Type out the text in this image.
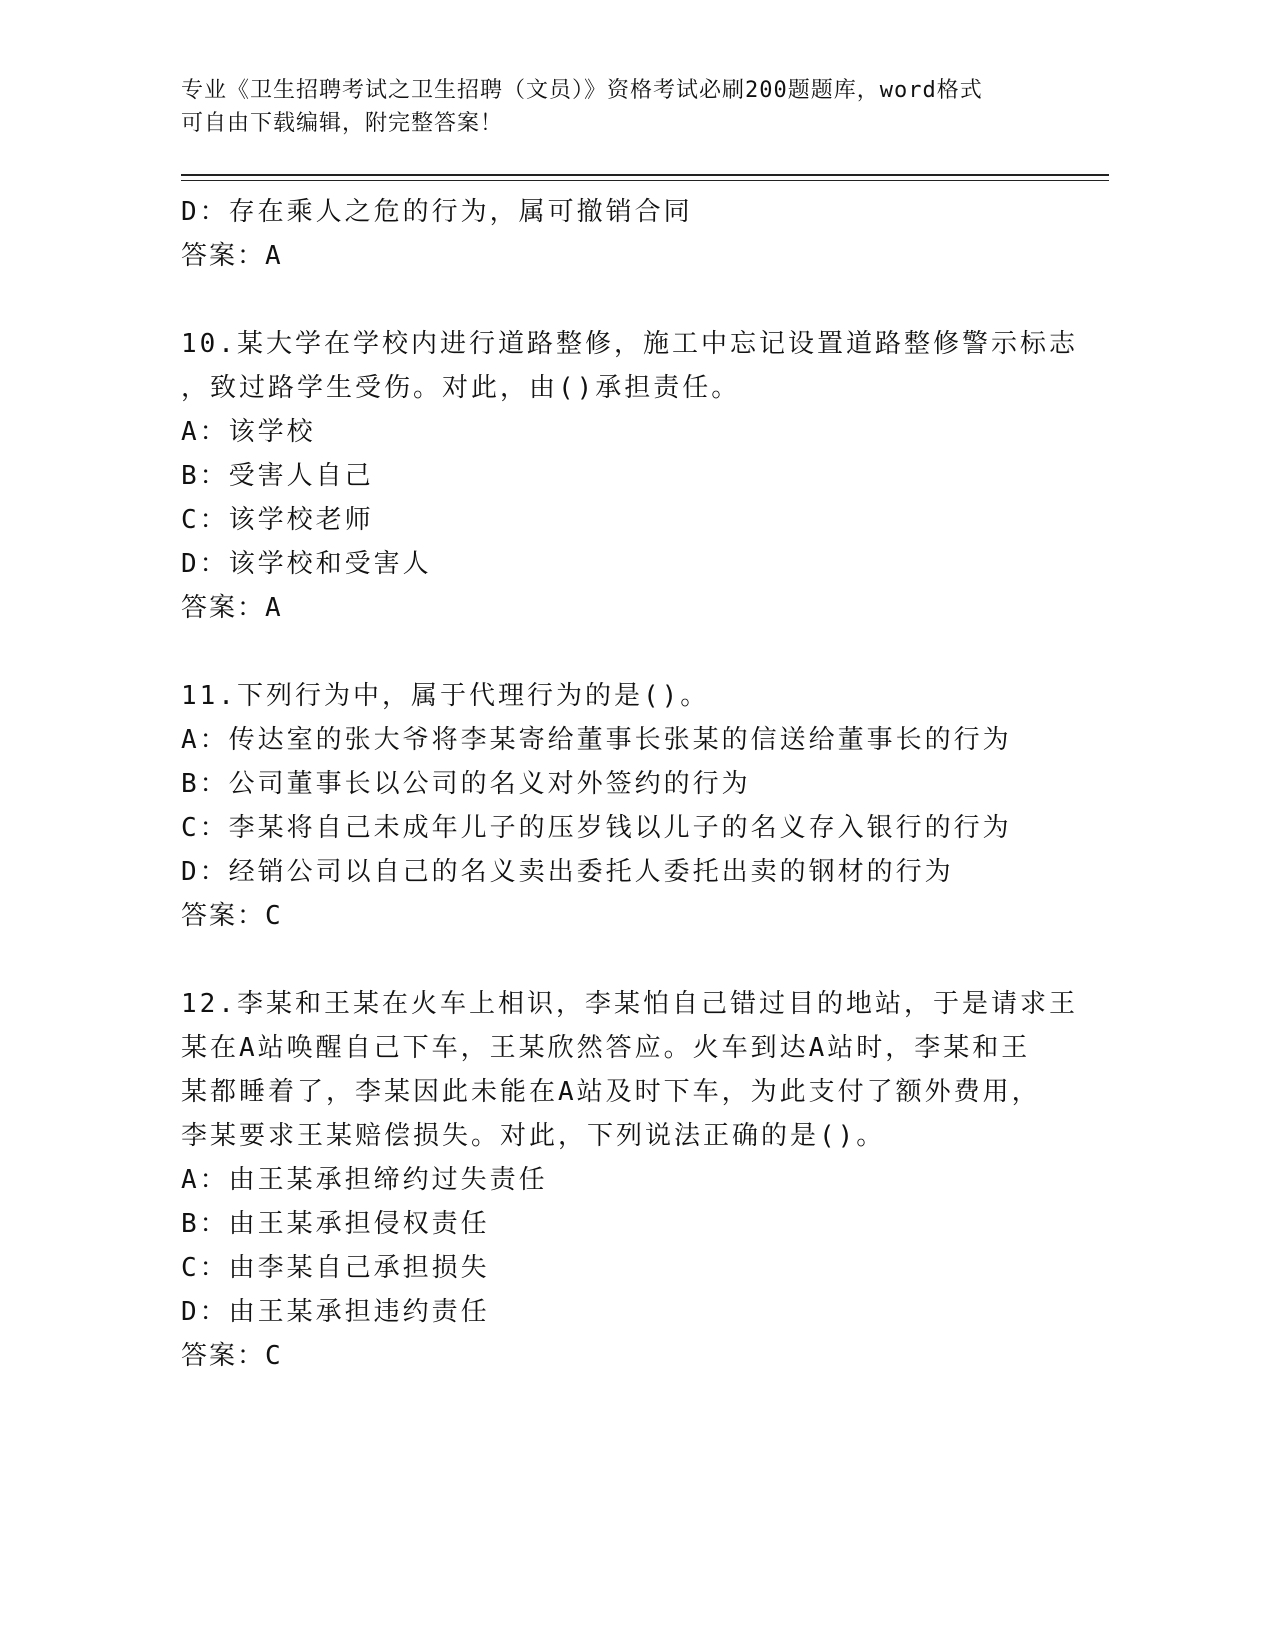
专业《卫生招聘考试之卫生招聘（文员）》资格考试必刷200题题库，word格式
可自由下载编辑，附完整答案！
D：存在乘人之危的行为，属可撤销合同
答案：A
10.某大学在学校内进行道路整修，施工中忘记设置道路整修警示标志
，致过路学生受伤。对此，由()承担责任。
A：该学校
B：受害人自己
C：该学校老师
D：该学校和受害人
答案：A
11.下列行为中，属于代理行为的是()。
A：传达室的张大爷将李某寄给董事长张某的信送给董事长的行为
B：公司董事长以公司的名义对外签约的行为
C：李某将自己未成年儿子的压岁钱以儿子的名义存入银行的行为
D：经销公司以自己的名义卖出委托人委托出卖的钢材的行为
答案：C
12.李某和王某在火车上相识，李某怕自己错过目的地站，于是请求王
某在A站唤醒自己下车，王某欣然答应。火车到达A站时，李某和王
某都睡着了，李某因此未能在A站及时下车，为此支付了额外费用，
李某要求王某赔偿损失。对此，下列说法正确的是()。
A：由王某承担缔约过失责任
B：由王某承担侵权责任
C：由李某自己承担损失
D：由王某承担违约责任
答案：C
